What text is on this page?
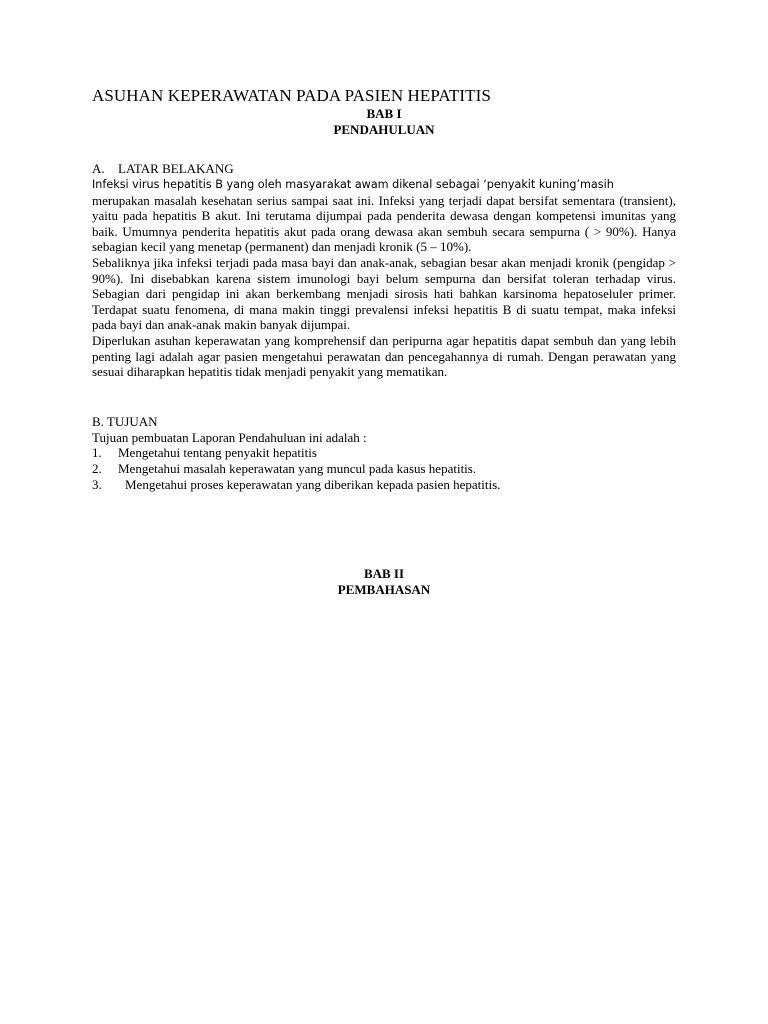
ASUHAN KEPERAWATAN PADA PASIEN HEPATITIS

BAB I

PENDAHULUAN

A. LATAR BELAKANG

Infeksi virus hepatitis B yang oleh masyarakat awam dikenal sebagai ‘penyakit kuning’masih

merupakan masalah kesehatan serius sampai saat ini. Infeksi yang terjadi dapat bersifat sementara (transient), yaitu pada hepatitis B akut. Ini terutama dijumpai pada penderita dewasa dengan kompetensi imunitas yang baik. Umumnya penderita hepatitis akut pada orang dewasa akan sembuh secara sempurna ( > 90%). Hanya sebagian kecil yang menetap (permanent) dan menjadi kronik (5 – 10%).

Sebaliknya jika infeksi terjadi pada masa bayi dan anak-anak, sebagian besar akan menjadi kronik (pengidap > 90%). Ini disebabkan karena sistem imunologi bayi belum sempurna dan bersifat toleran terhadap virus. Sebagian dari pengidap ini akan berkembang menjadi sirosis hati bahkan karsinoma hepatoseluler primer. Terdapat suatu fenomena, di mana makin tinggi prevalensi infeksi hepatitis B di suatu tempat, maka infeksi pada bayi dan anak-anak makin banyak dijumpai.

Diperlukan asuhan keperawatan yang komprehensif dan peripurna agar hepatitis dapat sembuh dan yang lebih penting lagi adalah agar pasien mengetahui perawatan dan pencegahannya di rumah. Dengan perawatan yang sesuai diharapkan hepatitis tidak menjadi penyakit yang mematikan.

B. TUJUAN

Tujuan pembuatan Laporan Pendahuluan ini adalah :

1.	Mengetahui tentang penyakit hepatitis
2.	Mengetahui masalah keperawatan yang muncul pada kasus hepatitis.
3.	Mengetahui proses keperawatan yang diberikan kepada pasien hepatitis.

BAB II

PEMBAHASAN
